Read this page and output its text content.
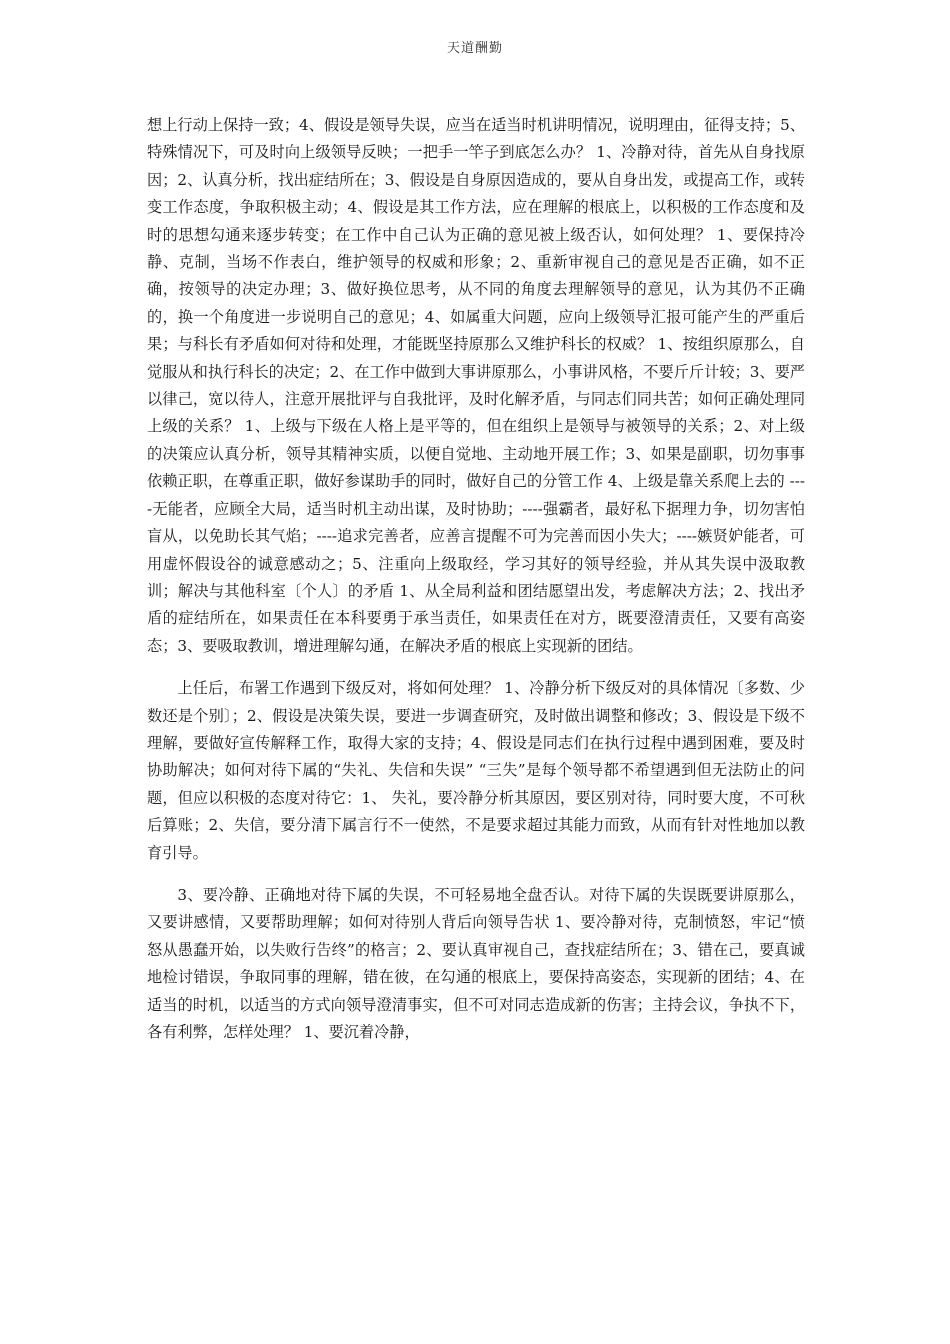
天道酬勤

想上行动上保持一致；4、假设是领导失误，应当在适当时机讲明情况，说明理由，征得支持；5、特殊情况下，可及时向上级领导反映；一把手一竿子到底怎么办？ 1、冷静对待，首先从自身找原因；2、认真分析，找出症结所在；3、假设是自身原因造成的，要从自身出发，或提高工作，或转变工作态度，争取积极主动；4、假设是其工作方法，应在理解的根底上，以积极的工作态度和及时的思想勾通来逐步转变；在工作中自己认为正确的意见被上级否认，如何处理？ 1、要保持冷静、克制，当场不作表白，维护领导的权威和形象；2、重新审视自己的意见是否正确，如不正确，按领导的决定办理；3、做好换位思考，从不同的角度去理解领导的意见，认为其仍不正确的，换一个角度进一步说明自己的意见；4、如属重大问题，应向上级领导汇报可能产生的严重后果；与科长有矛盾如何对待和处理，才能既坚持原那么又维护科长的权威？ 1、按组织原那么，自觉服从和执行科长的决定；2、在工作中做到大事讲原那么，小事讲风格，不要斤斤计较；3、要严以律己，宽以待人，注意开展批评与自我批评，及时化解矛盾，与同志们同共苦；如何正确处理同上级的关系？ 1、上级与下级在人格上是平等的，但在组织上是领导与被领导的关系；2、对上级的决策应认真分析，领导其精神实质，以便自觉地、主动地开展工作；3、如果是副职，切勿事事依赖正职，在尊重正职，做好参谋助手的同时，做好自己的分管工作 4、上级是靠关系爬上去的 ----无能者，应顾全大局，适当时机主动出谋，及时协助；----强霸者，最好私下据理力争，切勿害怕盲从，以免助长其气焰；----追求完善者，应善言提醒不可为完善而因小失大；----嫉贤妒能者，可用虚怀假设谷的诚意感动之；5、注重向上级取经，学习其好的领导经验，并从其失误中汲取教训；解决与其他科室〔个人〕的矛盾 1、从全局利益和团结愿望出发，考虑解决方法；2、找出矛盾的症结所在，如果责任在本科要勇于承当责任，如果责任在对方，既要澄清责任，又要有高姿态；3、要吸取教训，增进理解勾通，在解决矛盾的根底上实现新的团结。

上任后，布署工作遇到下级反对，将如何处理？ 1、冷静分析下级反对的具体情况〔多数、少数还是个别〕；2、假设是决策失误，要进一步调查研究，及时做出调整和修改；3、假设是下级不理解，要做好宣传解释工作，取得大家的支持；4、假设是同志们在执行过程中遇到困难，要及时协助解决；如何对待下属的“失礼、失信和失误” “三失”是每个领导都不希望遇到但无法防止的问题，但应以积极的态度对待它：1、 失礼，要冷静分析其原因，要区别对待，同时要大度，不可秋后算账；2、失信，要分清下属言行不一使然，不是要求超过其能力而致，从而有针对性地加以教育引导。

3、要冷静、正确地对待下属的失误，不可轻易地全盘否认。对待下属的失误既要讲原那么，又要讲感情，又要帮助理解；如何对待别人背后向领导告状 1、要冷静对待，克制愤怒，牢记“愤怒从愚蠢开始，以失败行告终”的格言；2、要认真审视自己，查找症结所在；3、错在己，要真诚地检讨错误，争取同事的理解，错在彼，在勾通的根底上，要保持高姿态，实现新的团结；4、在适当的时机，以适当的方式向领导澄清事实，但不可对同志造成新的伤害；主持会议，争执不下，各有利弊，怎样处理？ 1、要沉着冷静，
